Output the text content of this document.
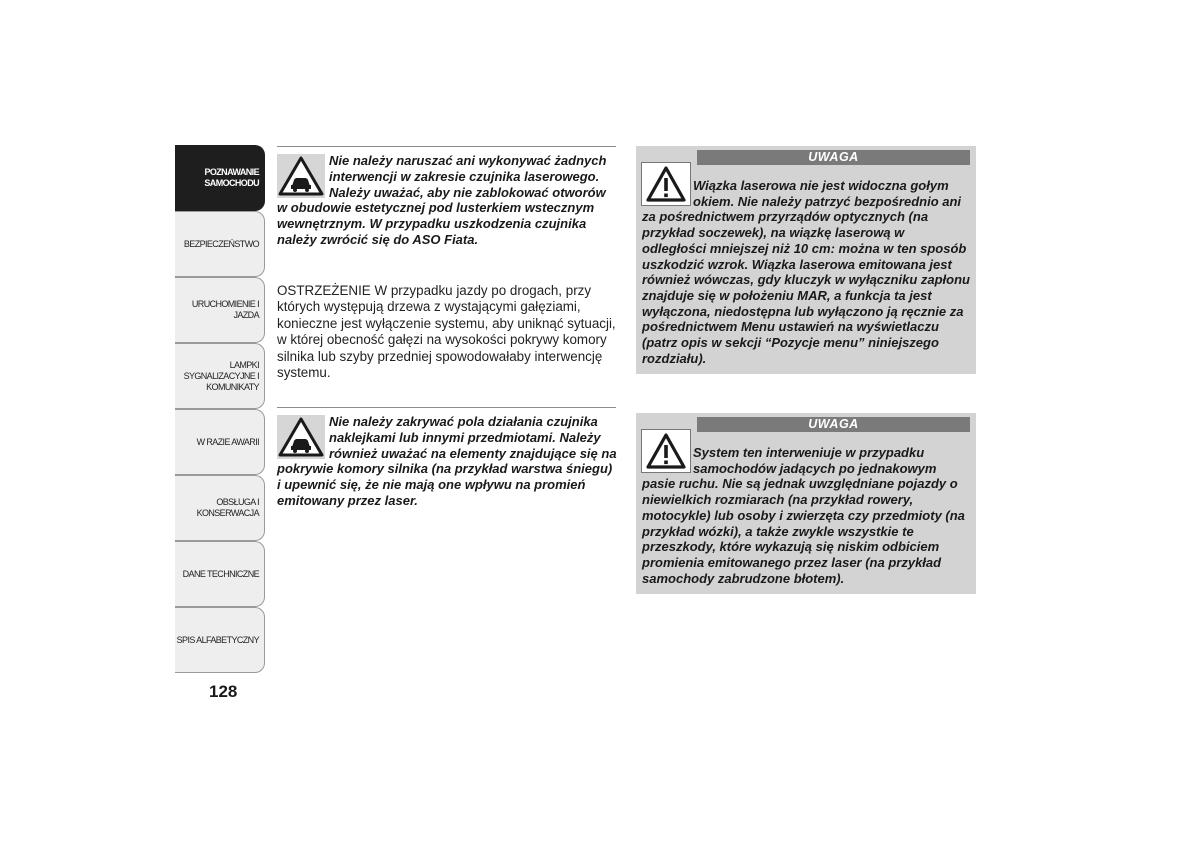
POZNAWANIE
SAMOCHODU
BEZPIECZEŃSTWO
URUCHOMIENIE I
JAZDA
LAMPKI
SYGNALIZACYJNE I
KOMUNIKATY
W RAZIE AWARII
OBSŁUGA I
KONSERWACJA
DANE TECHNICZNE
SPIS ALFABETYCZNY
128
Nie należy naruszać ani wykonywać żadnych interwencji w zakresie czujnika laserowego. Należy uważać, aby nie zablokować otworów w obudowie estetycznej pod lusterkiem wstecznym wewnętrznym. W przypadku uszkodzenia czujnika należy zwrócić się do ASO Fiata.
OSTRZEŻENIE W przypadku jazdy po drogach, przy których występują drzewa z wystającymi gałęziami, konieczne jest wyłączenie systemu, aby uniknąć sytuacji, w której obecność gałęzi na wysokości pokrywy komory silnika lub szyby przedniej spowodowałaby interwencję systemu.
Nie należy zakrywać pola działania czujnika naklejkami lub innymi przedmiotami. Należy również uważać na elementy znajdujące się na pokrywie komory silnika (na przykład warstwa śniegu) i upewnić się, że nie mają one wpływu na promień emitowany przez laser.
UWAGA
Wiązka laserowa nie jest widoczna gołym okiem. Nie należy patrzyć bezpośrednio ani za pośrednictwem przyrządów optycznych (na przykład soczewek), na wiązkę laserową w odległości mniejszej niż 10 cm: można w ten sposób uszkodzić wzrok. Wiązka laserowa emitowana jest również wówczas, gdy kluczyk w wyłączniku zapłonu znajduje się w położeniu MAR, a funkcja ta jest wyłączona, niedostępna lub wyłączono ją ręcznie za pośrednictwem Menu ustawień na wyświetlaczu (patrz opis w sekcji “Pozycje menu” niniejszego rozdziału).
UWAGA
System ten interweniuje w przypadku samochodów jadących po jednakowym pasie ruchu. Nie są jednak uwzględniane pojazdy o niewielkich rozmiarach (na przykład rowery, motocykle) lub osoby i zwierzęta czy przedmioty (na przykład wózki), a także zwykle wszystkie te przeszkody, które wykazują się niskim odbiciem promienia emitowanego przez laser (na przykład samochody zabrudzone błotem).
